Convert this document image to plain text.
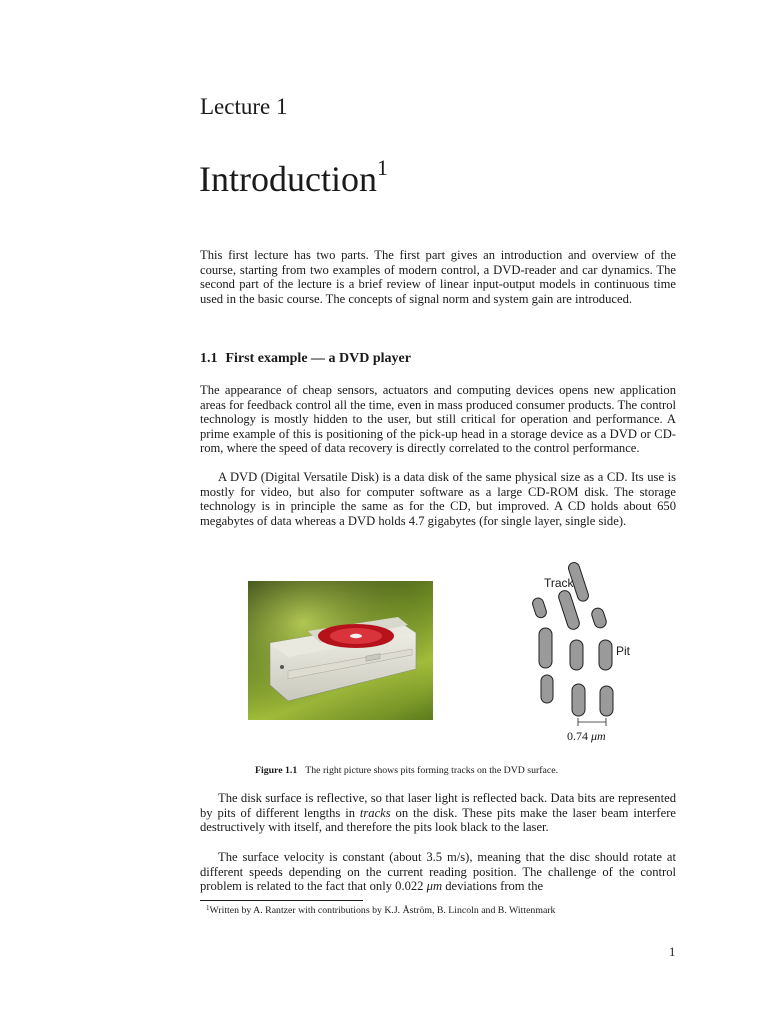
Lecture 1
Introduction$^1$

This first lecture has two parts. The first part gives an introduction and overview of the course, starting from two examples of modern control, a DVD-reader and car dynamics. The second part of the lecture is a brief review of linear input-output models in continuous time used in the basic course. The concepts of signal norm and system gain are introduced.

1.1 First example — a DVD player

The appearance of cheap sensors, actuators and computing devices opens new application areas for feedback control all the time, even in mass produced consumer products. The control technology is mostly hidden to the user, but still critical for operation and performance. A prime example of this is positioning of the pick-up head in a storage device as a DVD or CD-rom, where the speed of data recovery is directly correlated to the control performance.

A DVD (Digital Versatile Disk) is a data disk of the same physical size as a CD. Its use is mostly for video, but also for computer software as a large CD-ROM disk. The storage technology is in principle the same as for the CD, but improved. A CD holds about 650 megabytes of data whereas a DVD holds 4.7 gigabytes (for single layer, single side).

Track
Pit
0.74 μm
Figure 1.1 The right picture shows pits forming tracks on the DVD surface.

The disk surface is reflective, so that laser light is reflected back. Data bits are represented by pits of different lengths in tracks on the disk. These pits make the laser beam interfere destructively with itself, and therefore the pits look black to the laser.

The surface velocity is constant (about 3.5 m/s), meaning that the disc should rotate at different speeds depending on the current reading position. The challenge of the control problem is related to the fact that only 0.022 μm deviations from the

$^1$Written by A. Rantzer with contributions by K.J. Åström, B. Lincoln and B. Wittenmark
1
